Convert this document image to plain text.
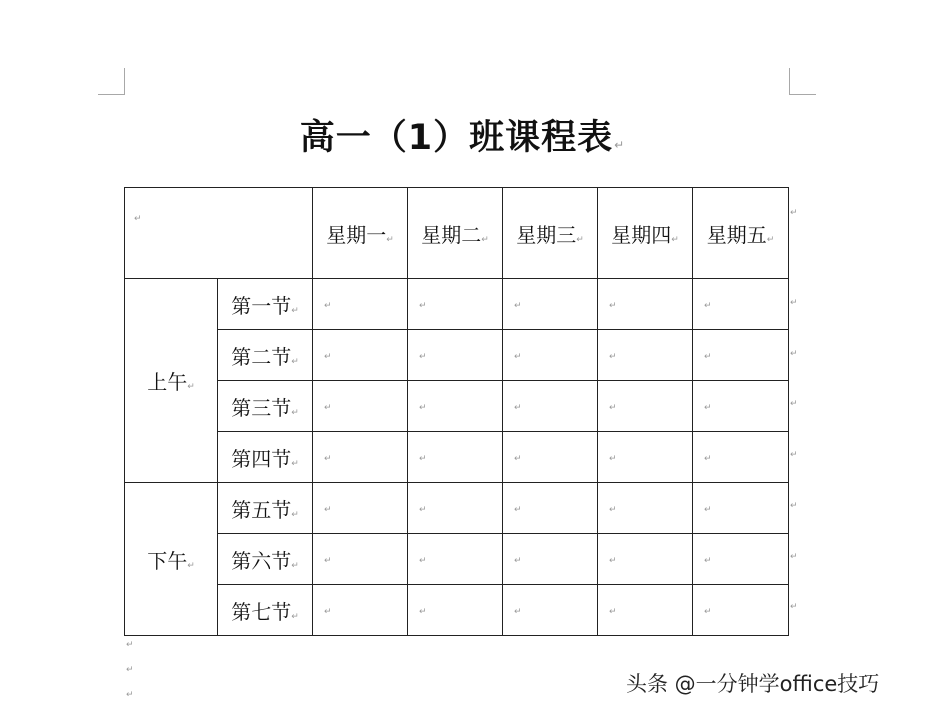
高一（1）班课程表↵
↵		星期一↵	星期二↵	星期三↵	星期四↵	星期五↵
上午↵	第一节↵	↵	↵	↵	↵	↵

	第二节↵	↵	↵	↵	↵	↵

	第三节↵	↵	↵	↵	↵	↵

	第四节↵	↵	↵	↵	↵	↵

下午↵	第五节↵	↵	↵	↵	↵	↵

	第六节↵	↵	↵	↵	↵	↵

	第七节↵	↵	↵	↵	↵	↵
↵
↵
↵
↵
↵
↵
↵
↵
↵
↵
↵	头条 @一分钟学office技巧
